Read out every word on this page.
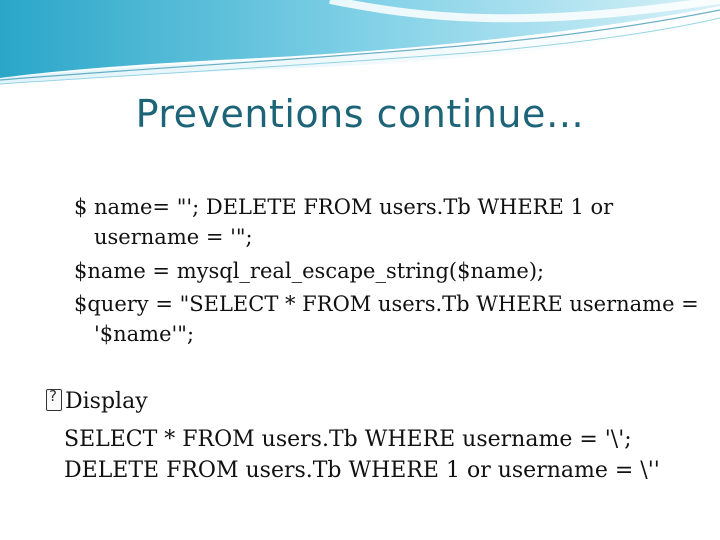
Preventions continue…
$ name= "'; DELETE FROM users.Tb WHERE 1 or
username = '";
$name = mysql_real_escape_string($name);
$query = "SELECT * FROM users.Tb WHERE username =
'$name'";
?Display
SELECT * FROM users.Tb WHERE username = '\';
DELETE FROM users.Tb WHERE 1 or username = \''
